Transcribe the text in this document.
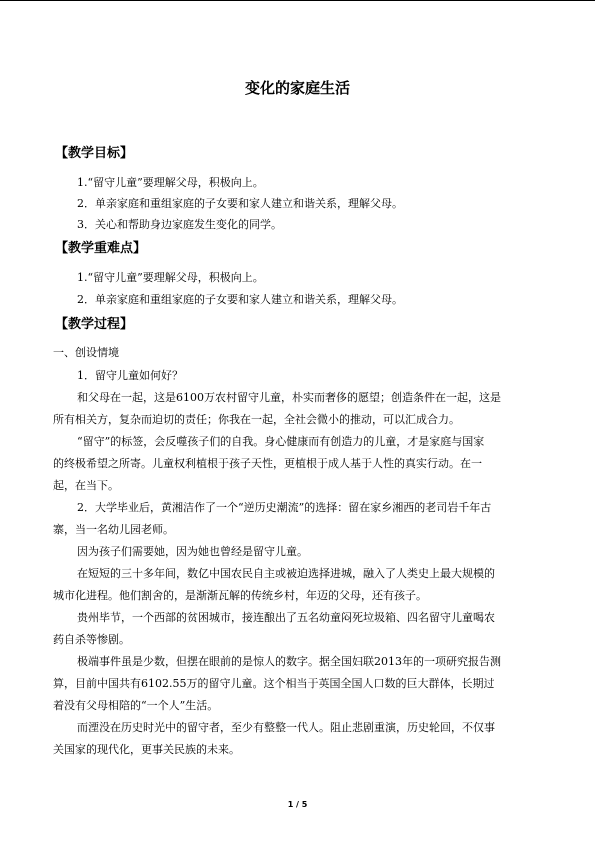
变化的家庭生活
【教学目标】
1.“留守儿童”要理解父母，积极向上。
2．单亲家庭和重组家庭的子女要和家人建立和谐关系，理解父母。
3．关心和帮助身边家庭发生变化的同学。
【教学重难点】
1.“留守儿童”要理解父母，积极向上。
2．单亲家庭和重组家庭的子女要和家人建立和谐关系，理解父母。
【教学过程】
一、创设情境
1．留守儿童如何好？
和父母在一起，这是6100万农村留守儿童，朴实而奢侈的愿望；创造条件在一起，这是
所有相关方，复杂而迫切的责任；你我在一起，全社会微小的推动，可以汇成合力。
“留守”的标签，会反噬孩子们的自我。身心健康而有创造力的儿童，才是家庭与国家
的终极希望之所寄。儿童权利植根于孩子天性，更植根于成人基于人性的真实行动。在一
起，在当下。
2．大学毕业后，黄湘洁作了一个“逆历史潮流”的选择：留在家乡湘西的老司岩千年古
寨，当一名幼儿园老师。
因为孩子们需要她，因为她也曾经是留守儿童。
在短短的三十多年间，数亿中国农民自主或被迫选择进城，融入了人类史上最大规模的
城市化进程。他们割舍的，是渐渐瓦解的传统乡村，年迈的父母，还有孩子。
贵州毕节，一个西部的贫困城市，接连酿出了五名幼童闷死垃圾箱、四名留守儿童喝农
药自杀等惨剧。
极端事件虽是少数，但摆在眼前的是惊人的数字。据全国妇联2013年的一项研究报告测
算，目前中国共有6102.55万的留守儿童。这个相当于英国全国人口数的巨大群体，长期过
着没有父母相陪的“一个人”生活。
而湮没在历史时光中的留守者，至少有整整一代人。阻止悲剧重演，历史轮回，不仅事
关国家的现代化，更事关民族的未来。
1 / 5
